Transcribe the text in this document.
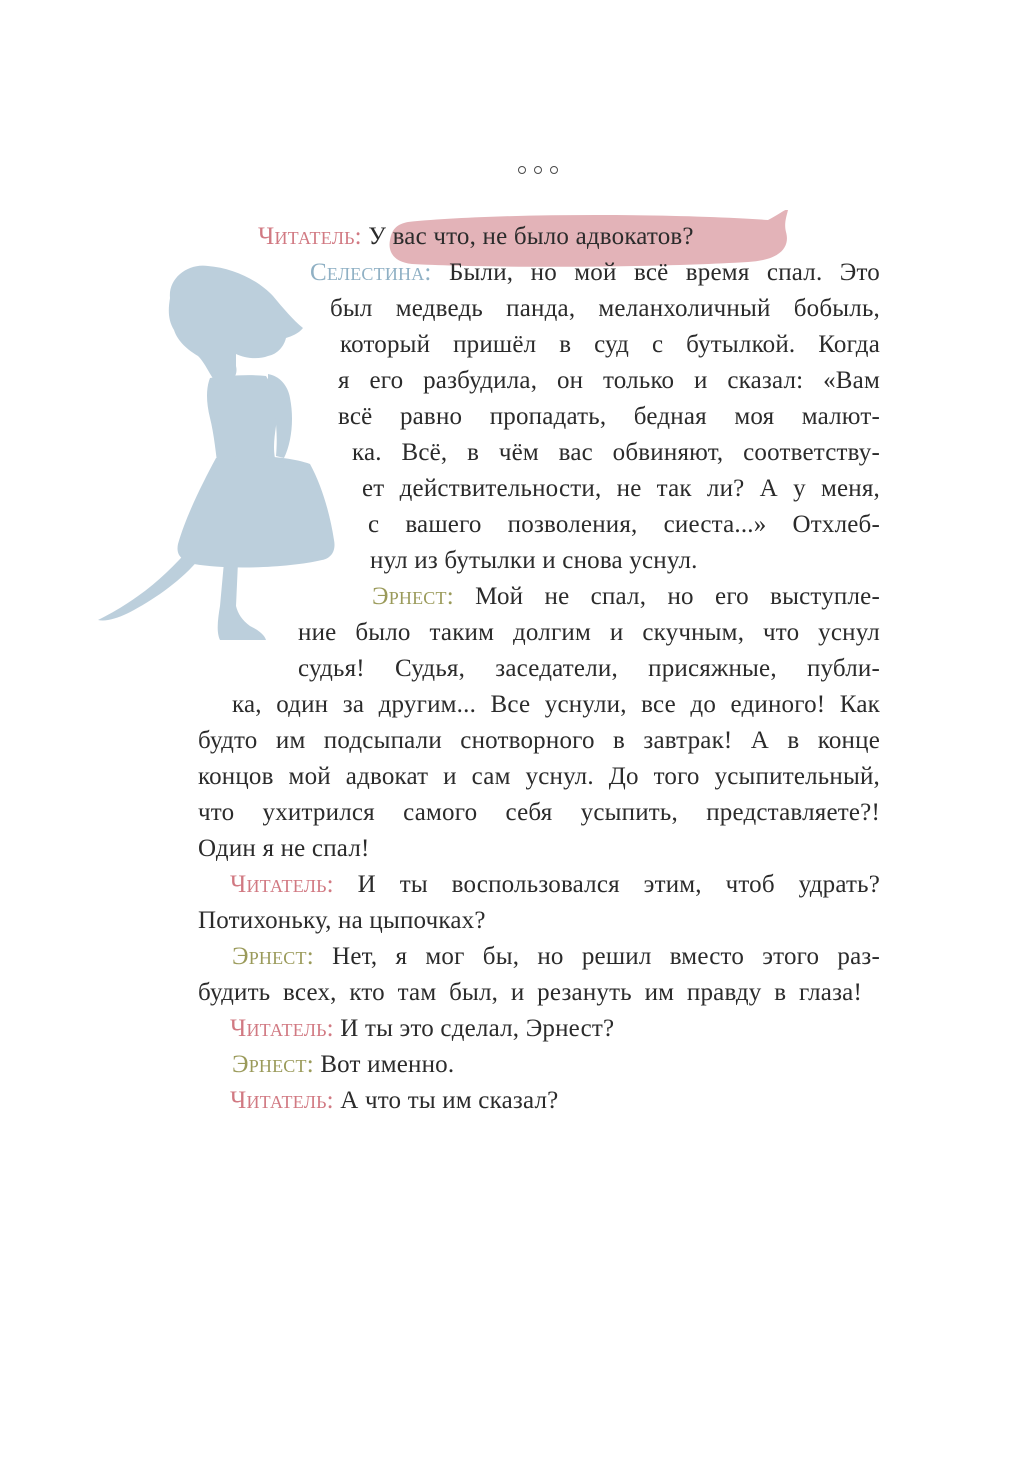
Читатель: У вас что, не было адвокатов?
Селестина: Были, но мой всё время спал. Это
был медведь панда, меланхоличный бобыль,
который пришёл в суд с бутылкой. Когда
я его разбудила, он только и сказал: «Вам
всё равно пропадать, бедная моя малют-
ка. Всё, в чём вас обвиняют, соответству-
ет действительности, не так ли? А у меня,
с вашего позволения, сиеста...» Отхлеб-
нул из бутылки и снова уснул.
Эрнест: Мой не спал, но его выступле-
ние было таким долгим и скучным, что уснул
судья! Судья, заседатели, присяжные, публи-
ка, один за другим... Все уснули, все до единого! Как
будто им подсыпали снотворного в завтрак! А в конце
концов мой адвокат и сам уснул. До того усыпительный,
что ухитрился самого себя усыпить, представляете?!
Один я не спал!
Читатель: И ты воспользовался этим, чтоб удрать?
Потихоньку, на цыпочках?
Эрнест: Нет, я мог бы, но решил вместо этого раз-
будить всех, кто там был, и резануть им правду в глаза!
Читатель: И ты это сделал, Эрнест?
Эрнест: Вот именно.
Читатель: А что ты им сказал?
